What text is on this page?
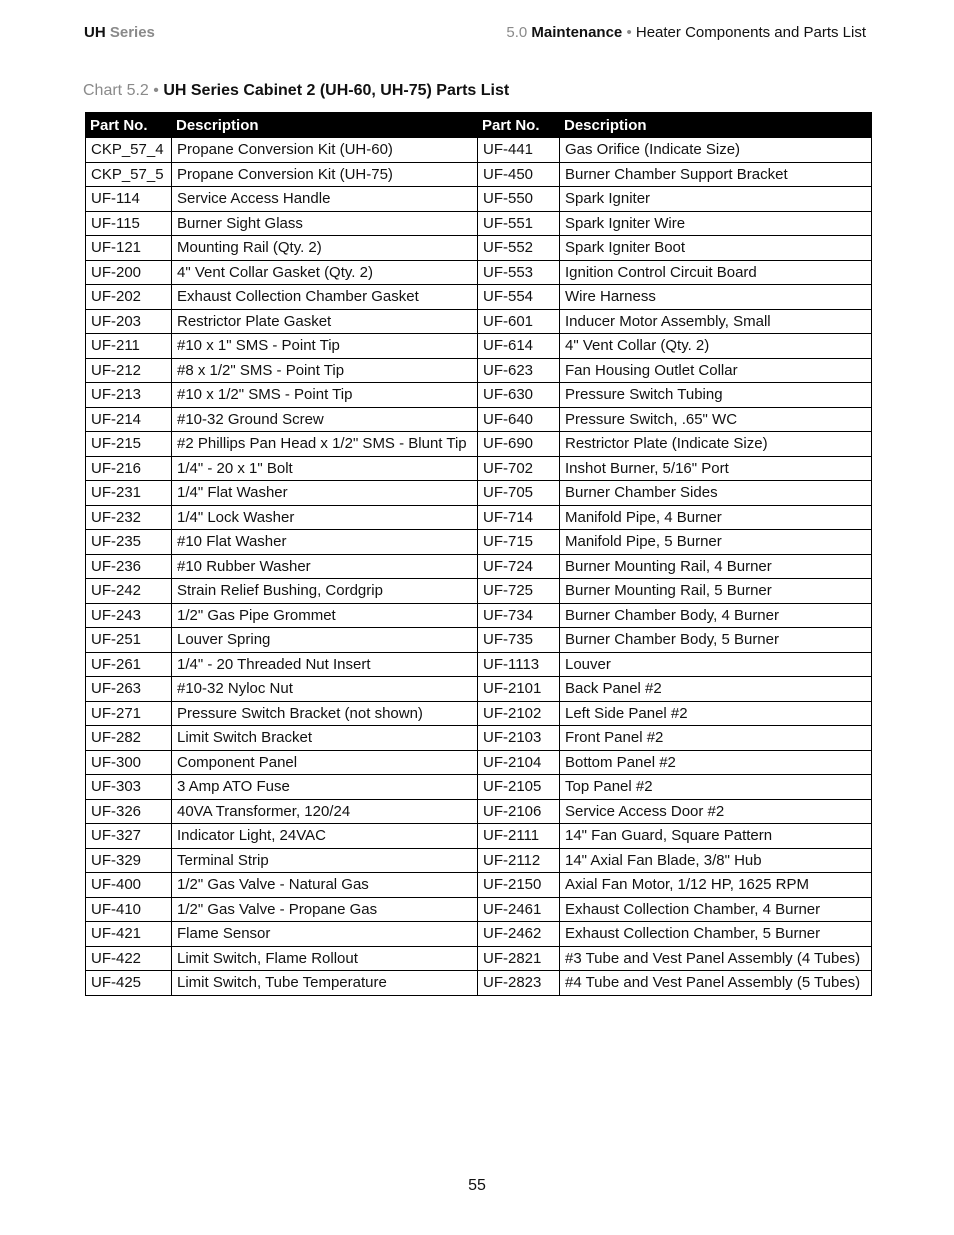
UH Series	5.0 Maintenance • Heater Components and Parts List
Chart 5.2 • UH Series Cabinet 2 (UH-60, UH-75) Parts List
Part No.	Description	Part No.	Description
CKP_57_4	Propane Conversion Kit (UH-60)	UF-441	Gas Orifice (Indicate Size)
CKP_57_5	Propane Conversion Kit (UH-75)	UF-450	Burner Chamber Support Bracket
UF-114	Service Access Handle	UF-550	Spark Igniter
UF-115	Burner Sight Glass	UF-551	Spark Igniter Wire
UF-121	Mounting Rail (Qty. 2)	UF-552	Spark Igniter Boot
UF-200	4" Vent Collar Gasket (Qty. 2)	UF-553	Ignition Control Circuit Board
UF-202	Exhaust Collection Chamber Gasket	UF-554	Wire Harness
UF-203	Restrictor Plate Gasket	UF-601	Inducer Motor Assembly, Small
UF-211	#10 x 1" SMS - Point Tip	UF-614	4" Vent Collar (Qty. 2)
UF-212	#8 x 1/2" SMS - Point Tip	UF-623	Fan Housing Outlet Collar
UF-213	#10 x 1/2" SMS - Point Tip	UF-630	Pressure Switch Tubing
UF-214	#10-32 Ground Screw	UF-640	Pressure Switch, .65" WC
UF-215	#2 Phillips Pan Head x 1/2" SMS - Blunt Tip	UF-690	Restrictor Plate (Indicate Size)
UF-216	1/4" - 20 x 1" Bolt	UF-702	Inshot Burner, 5/16" Port
UF-231	1/4" Flat Washer	UF-705	Burner Chamber Sides
UF-232	1/4" Lock Washer	UF-714	Manifold Pipe, 4 Burner
UF-235	#10 Flat Washer	UF-715	Manifold Pipe, 5 Burner
UF-236	#10 Rubber Washer	UF-724	Burner Mounting Rail, 4 Burner
UF-242	Strain Relief Bushing, Cordgrip	UF-725	Burner Mounting Rail, 5 Burner
UF-243	1/2" Gas Pipe Grommet	UF-734	Burner Chamber Body, 4 Burner
UF-251	Louver Spring	UF-735	Burner Chamber Body, 5 Burner
UF-261	1/4" - 20 Threaded Nut Insert	UF-1113	Louver
UF-263	#10-32 Nyloc Nut	UF-2101	Back Panel #2
UF-271	Pressure Switch Bracket (not shown)	UF-2102	Left Side Panel #2
UF-282	Limit Switch Bracket	UF-2103	Front Panel #2
UF-300	Component Panel	UF-2104	Bottom Panel #2
UF-303	3 Amp ATO Fuse	UF-2105	Top Panel #2
UF-326	40VA Transformer, 120/24	UF-2106	Service Access Door #2
UF-327	Indicator Light, 24VAC	UF-2111	14" Fan Guard, Square Pattern
UF-329	Terminal Strip	UF-2112	14" Axial Fan Blade, 3/8" Hub
UF-400	1/2" Gas Valve - Natural Gas	UF-2150	Axial Fan Motor, 1/12 HP, 1625 RPM
UF-410	1/2" Gas Valve - Propane Gas	UF-2461	Exhaust Collection Chamber, 4 Burner
UF-421	Flame Sensor	UF-2462	Exhaust Collection Chamber, 5 Burner
UF-422	Limit Switch, Flame Rollout	UF-2821	#3 Tube and Vest Panel Assembly (4 Tubes)
UF-425	Limit Switch, Tube Temperature	UF-2823	#4 Tube and Vest Panel Assembly (5 Tubes)
55
